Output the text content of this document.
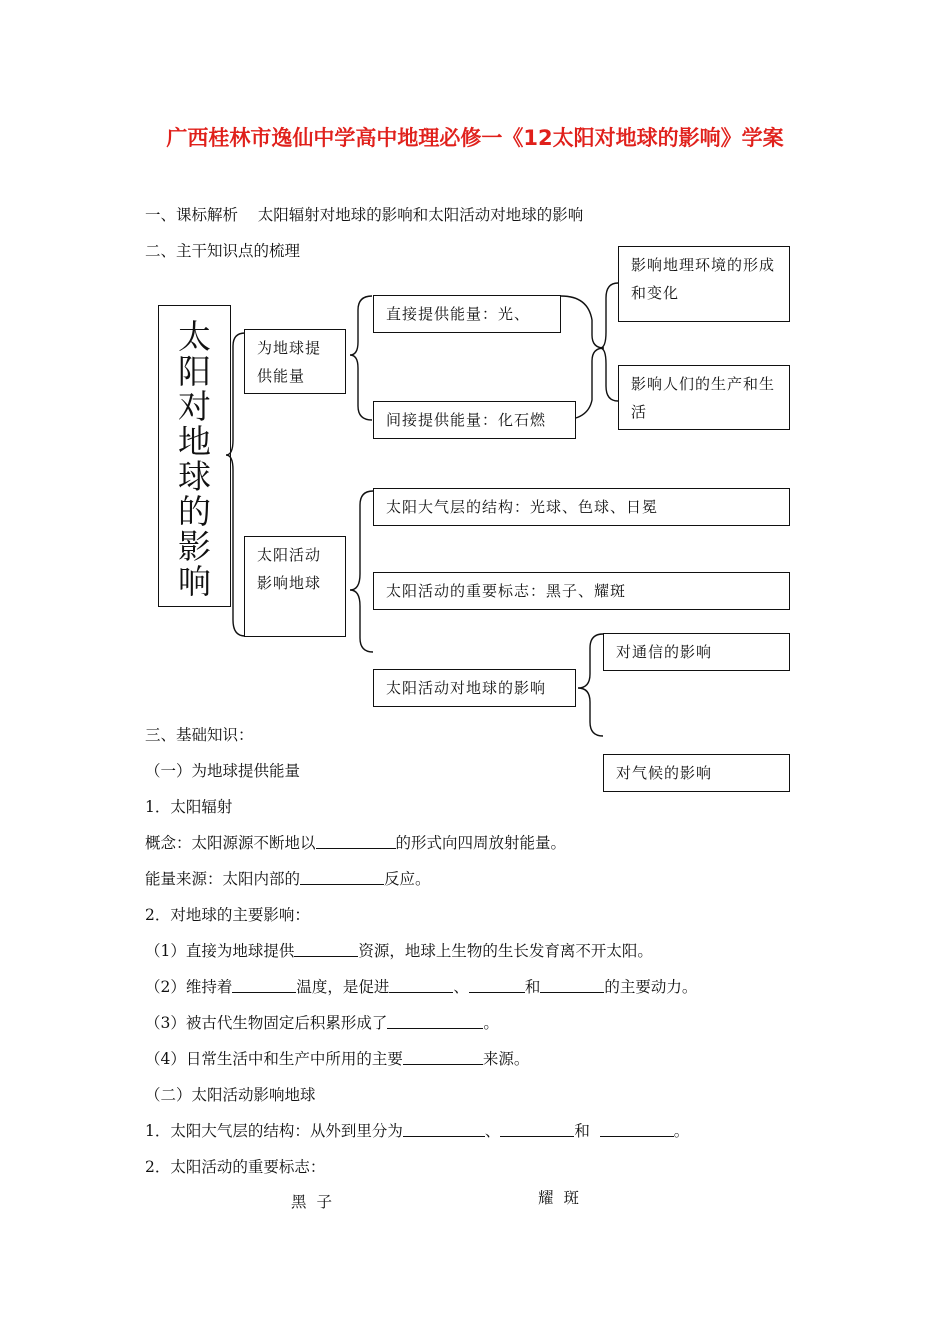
广西桂林市逸仙中学高中地理必修一《12太阳对地球的影响》学案
一、课标解析 太阳辐射对地球的影响和太阳活动对地球的影响
二、主干知识点的梳理
太
阳
对
地
球
的
影
响
为地球提供能量
直接提供能量：光、
间接提供能量：化石燃
影响地理环境的形成和变化
影响人们的生产和生活
太阳活动影响地球
太阳大气层的结构：光球、色球、日冕
太阳活动的重要标志：黑子、耀斑
太阳活动对地球的影响
对通信的影响
对气候的影响
三、基础知识：
（一）为地球提供能量
1．太阳辐射
概念：太阳源源不断地以	的形式向四周放射能量。
能量来源：太阳内部的	反应。
2．对地球的主要影响：
（1）直接为地球提供	资源，地球上生物的生长发育离不开太阳。
（2）维持着	温度，是促进	、	和	的主要动力。
（3）被古代生物固定后积累形成了	。
（4）日常生活中和生产中所用的主要	来源。
（二）太阳活动影响地球
1．太阳大气层的结构：从外到里分为	、	和	。
2．太阳活动的重要标志：
黑子	耀斑
